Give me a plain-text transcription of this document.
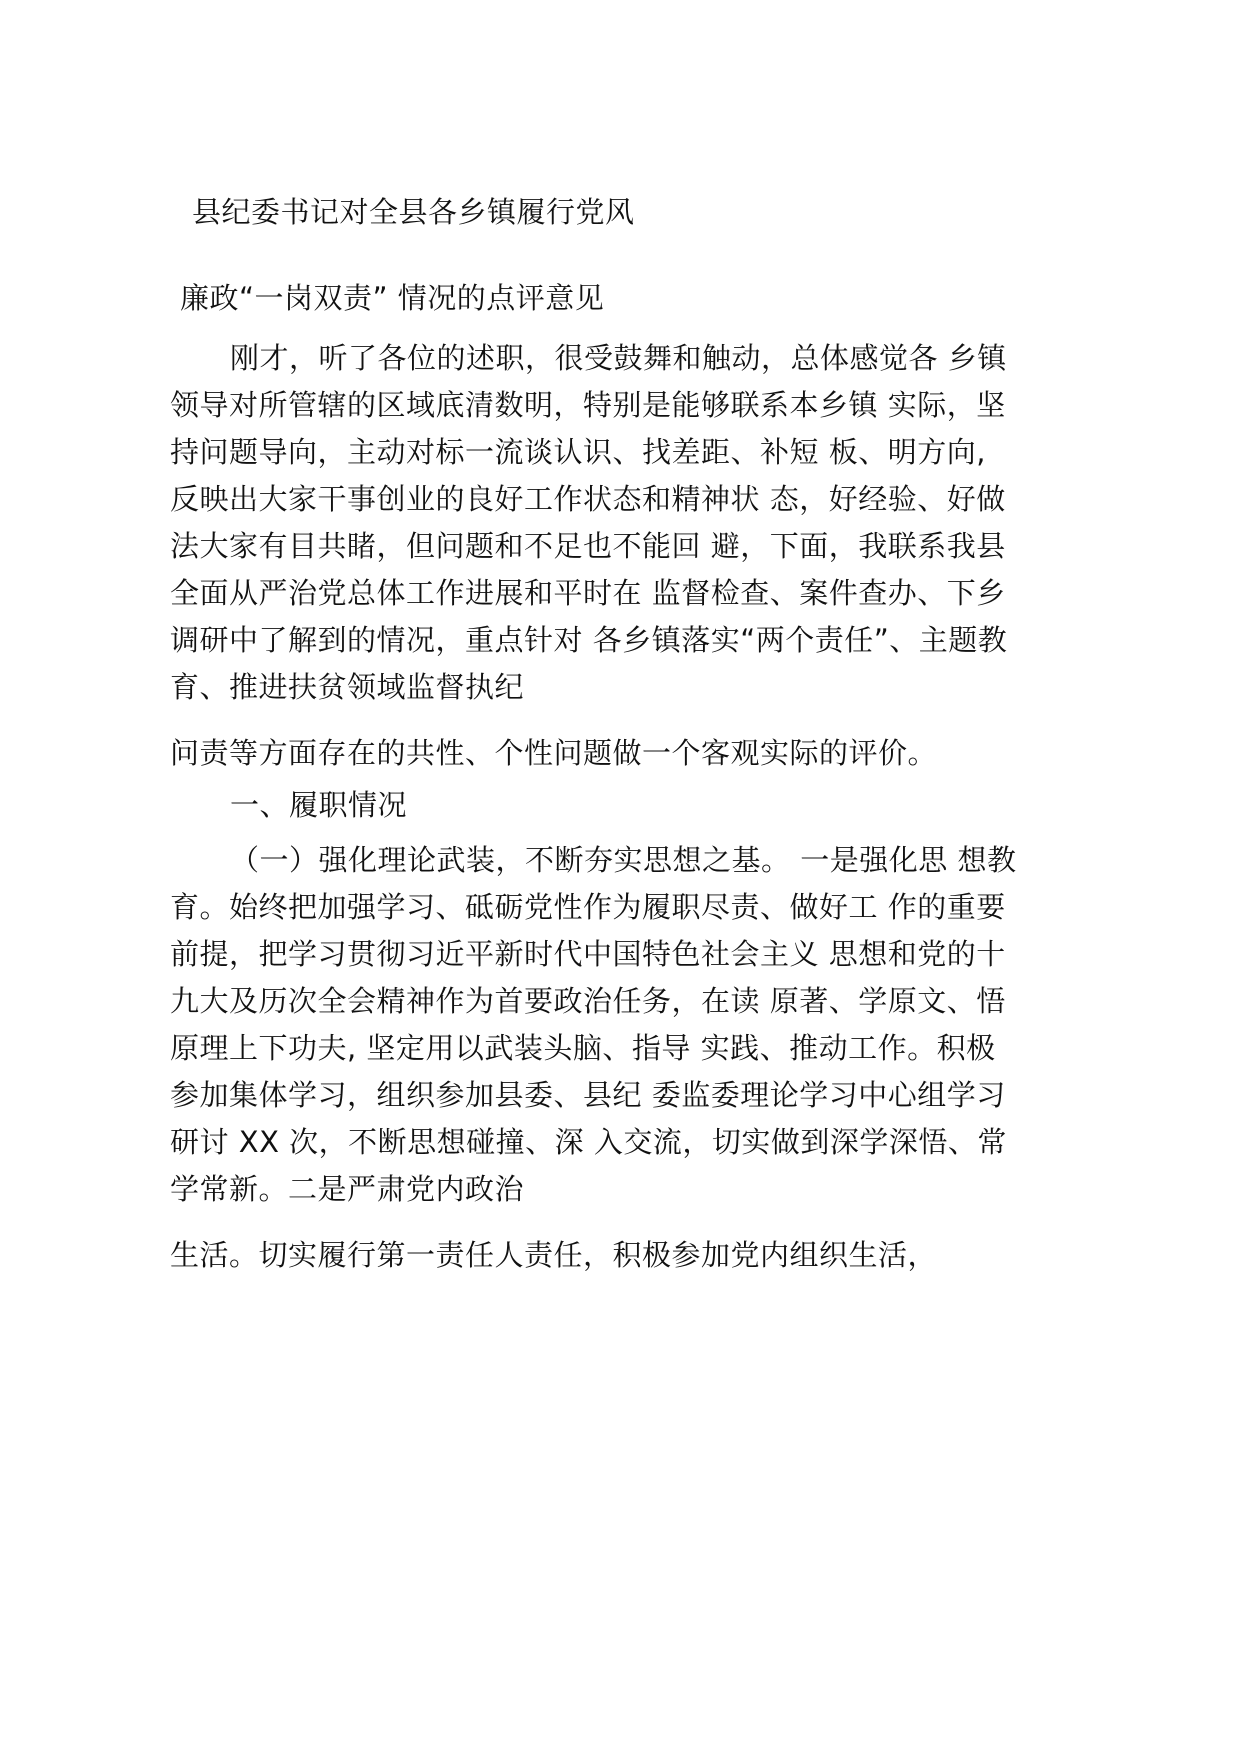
县纪委书记对全县各乡镇履行党风
廉政“一岗双责” 情况的点评意见
刚才，听了各位的述职，很受鼓舞和触动，总体感觉各 乡镇
领导对所管辖的区域底清数明，特别是能够联系本乡镇 实际，坚
持问题导向，主动对标一流谈认识、找差距、补短 板、明方向,
反映出大家干事创业的良好工作状态和精神状 态，好经验、好做
法大家有目共睹，但问题和不足也不能回 避，下面，我联系我县
全面从严治党总体工作进展和平时在 监督检查、案件查办、下乡
调研中了解到的情况，重点针对 各乡镇落实“两个责任”、主题教
育、推进扶贫领域监督执纪
问责等方面存在的共性、个性问题做一个客观实际的评价。
一、履职情况
（一）强化理论武装，不断夯实思想之基。 一是强化思 想教
育。始终把加强学习、砥砺党性作为履职尽责、做好工 作的重要
前提，把学习贯彻习近平新时代中国特色社会主义 思想和党的十
九大及历次全会精神作为首要政治任务，在读 原著、学原文、悟
原理上下功夫, 坚定用以武装头脑、指导 实践、推动工作。积极
参加集体学习，组织参加县委、县纪 委监委理论学习中心组学习
研讨 XX 次，不断思想碰撞、深 入交流，切实做到深学深悟、常
学常新。二是严肃党内政治
生活。切实履行第一责任人责任，积极参加党内组织生活，
